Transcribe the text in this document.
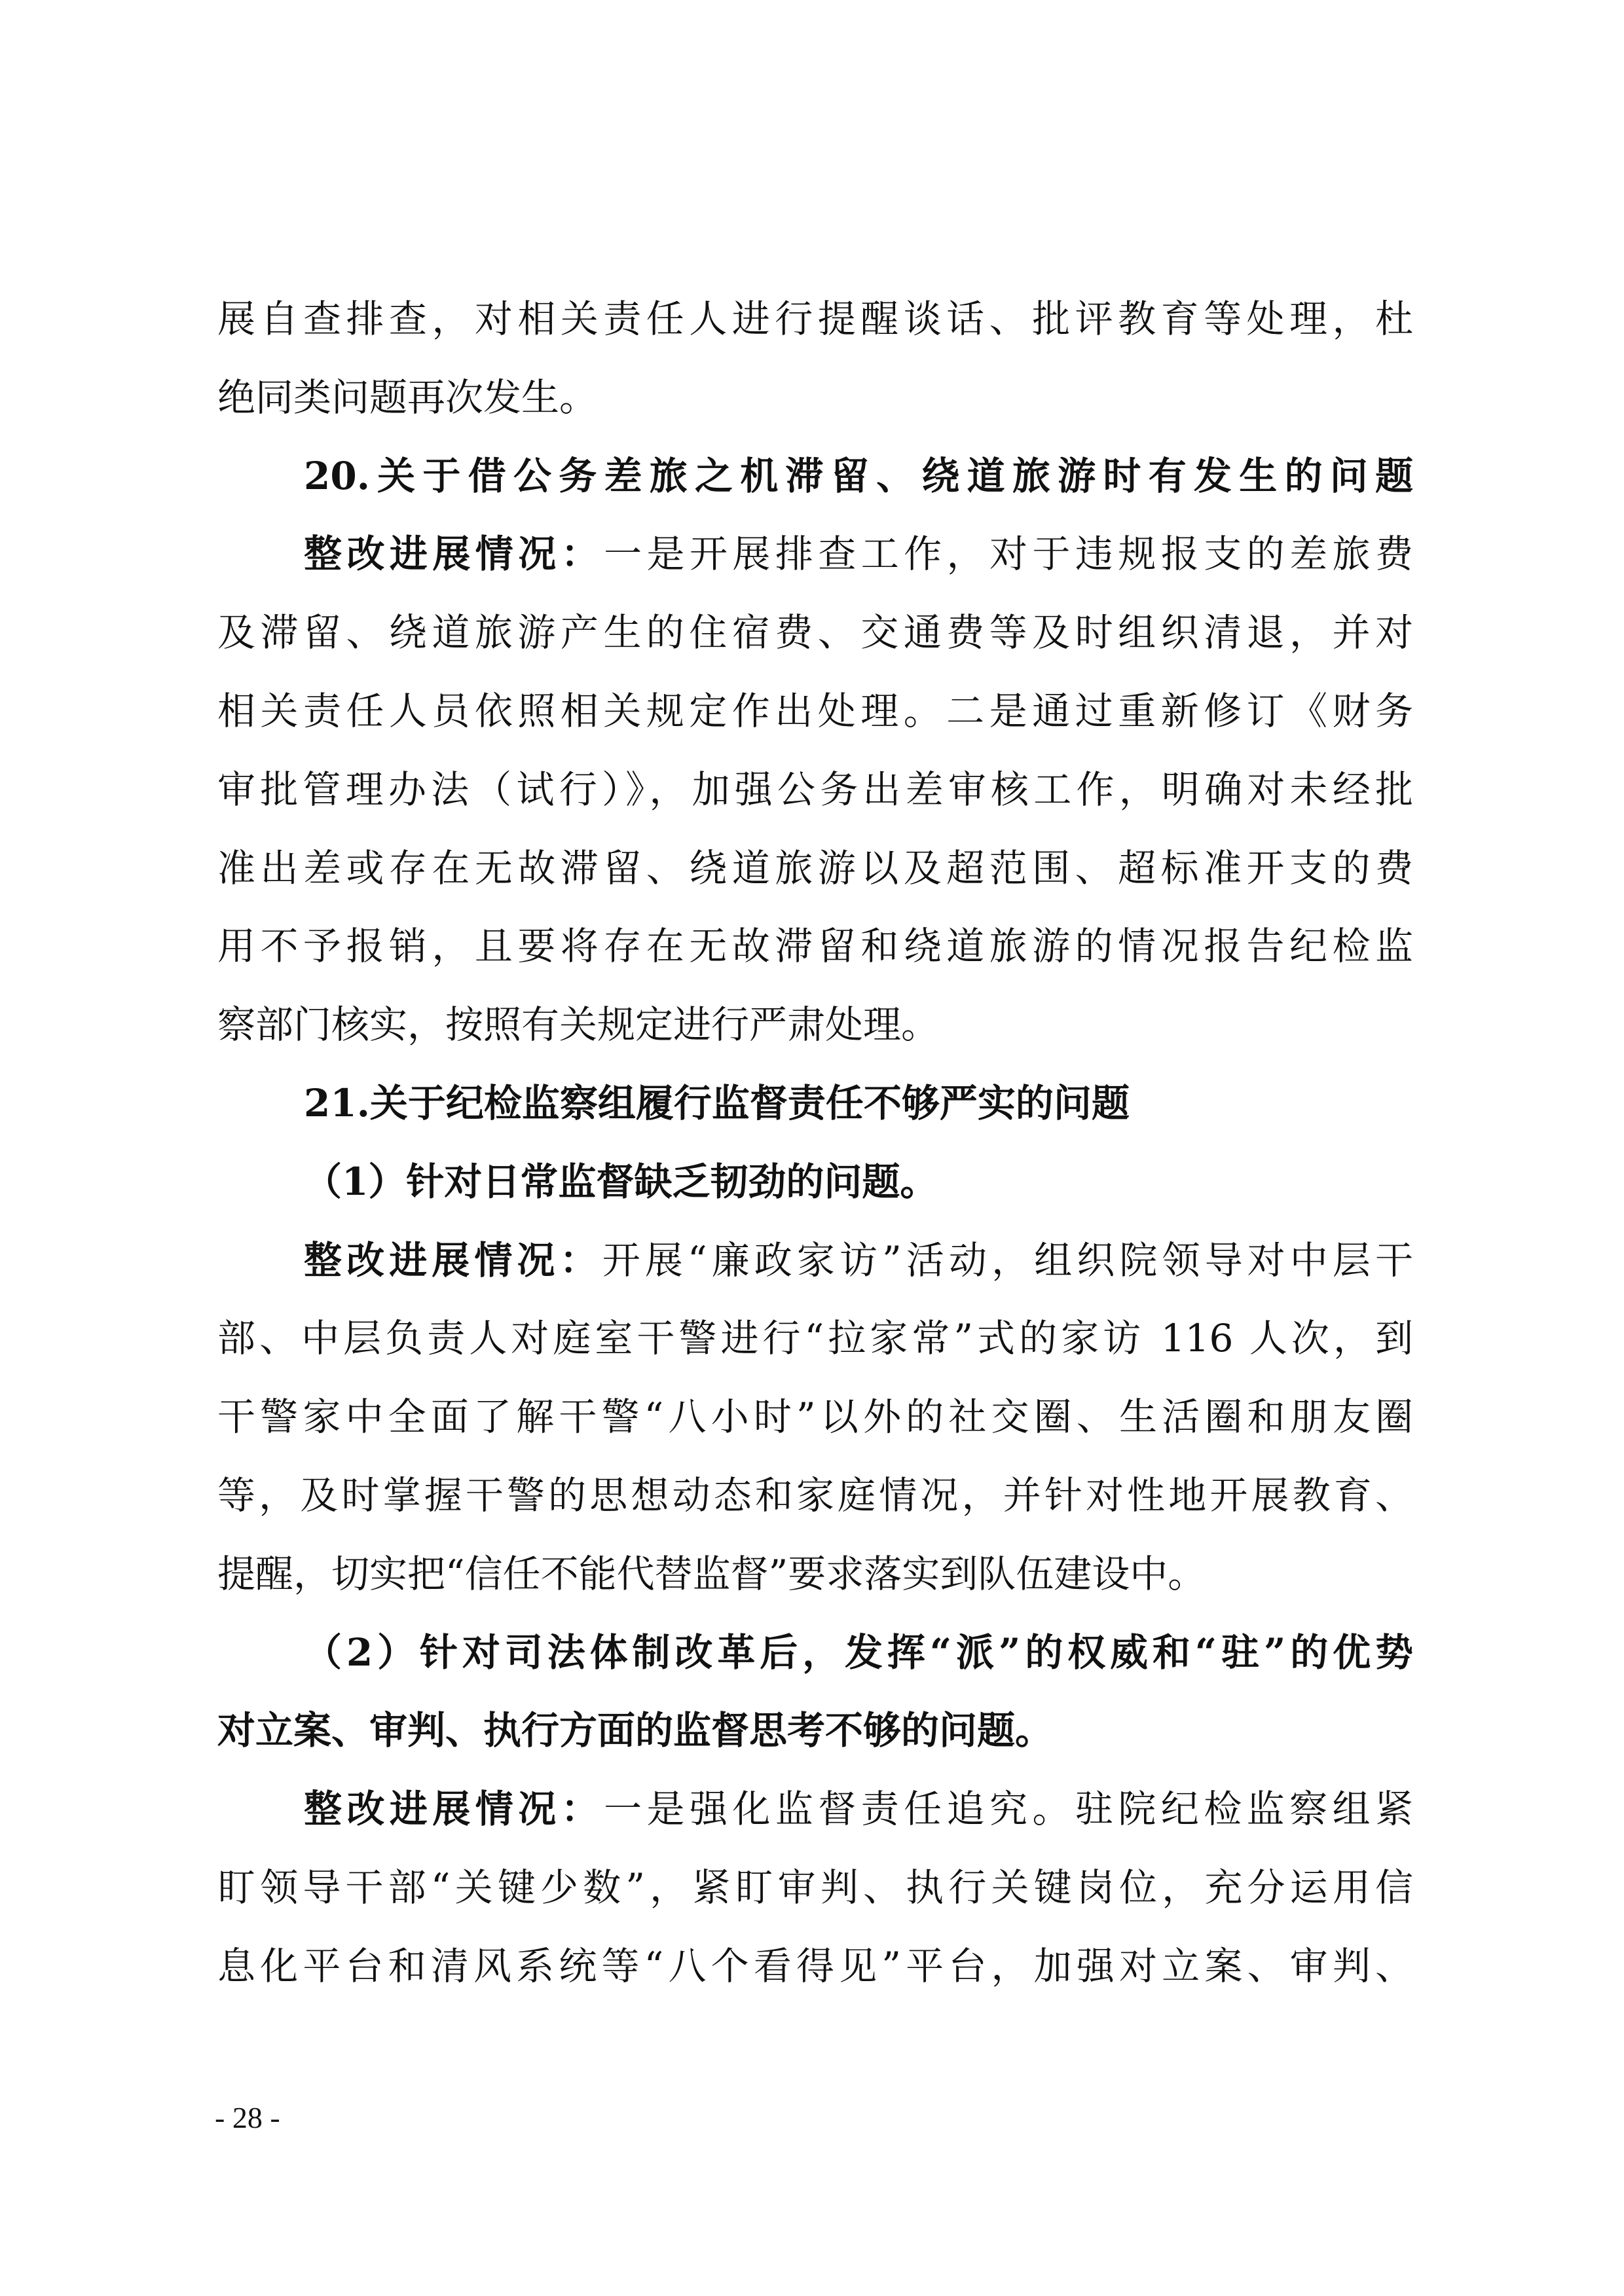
展自查排查，对相关责任人进行提醒谈话、批评教育等处理，杜
绝同类问题再次发生。
20.关于借公务差旅之机滞留、绕道旅游时有发生的问题
整改进展情况：一是开展排查工作，对于违规报支的差旅费
及滞留、绕道旅游产生的住宿费、交通费等及时组织清退，并对
相关责任人员依照相关规定作出处理。二是通过重新修订《财务
审批管理办法（试行）》，加强公务出差审核工作，明确对未经批
准出差或存在无故滞留、绕道旅游以及超范围、超标准开支的费
用不予报销，且要将存在无故滞留和绕道旅游的情况报告纪检监
察部门核实，按照有关规定进行严肃处理。
21.关于纪检监察组履行监督责任不够严实的问题
（1）针对日常监督缺乏韧劲的问题。
整改进展情况：开展“廉政家访”活动，组织院领导对中层干
部、中层负责人对庭室干警进行“拉家常”式的家访 116 人次，到
干警家中全面了解干警“八小时”以外的社交圈、生活圈和朋友圈
等，及时掌握干警的思想动态和家庭情况，并针对性地开展教育、
提醒，切实把“信任不能代替监督”要求落实到队伍建设中。
（2）针对司法体制改革后，发挥“派”的权威和“驻”的优势
对立案、审判、执行方面的监督思考不够的问题。
整改进展情况：一是强化监督责任追究。驻院纪检监察组紧
盯领导干部“关键少数”，紧盯审判、执行关键岗位，充分运用信
息化平台和清风系统等“八个看得见”平台，加强对立案、审判、
- 28 -
